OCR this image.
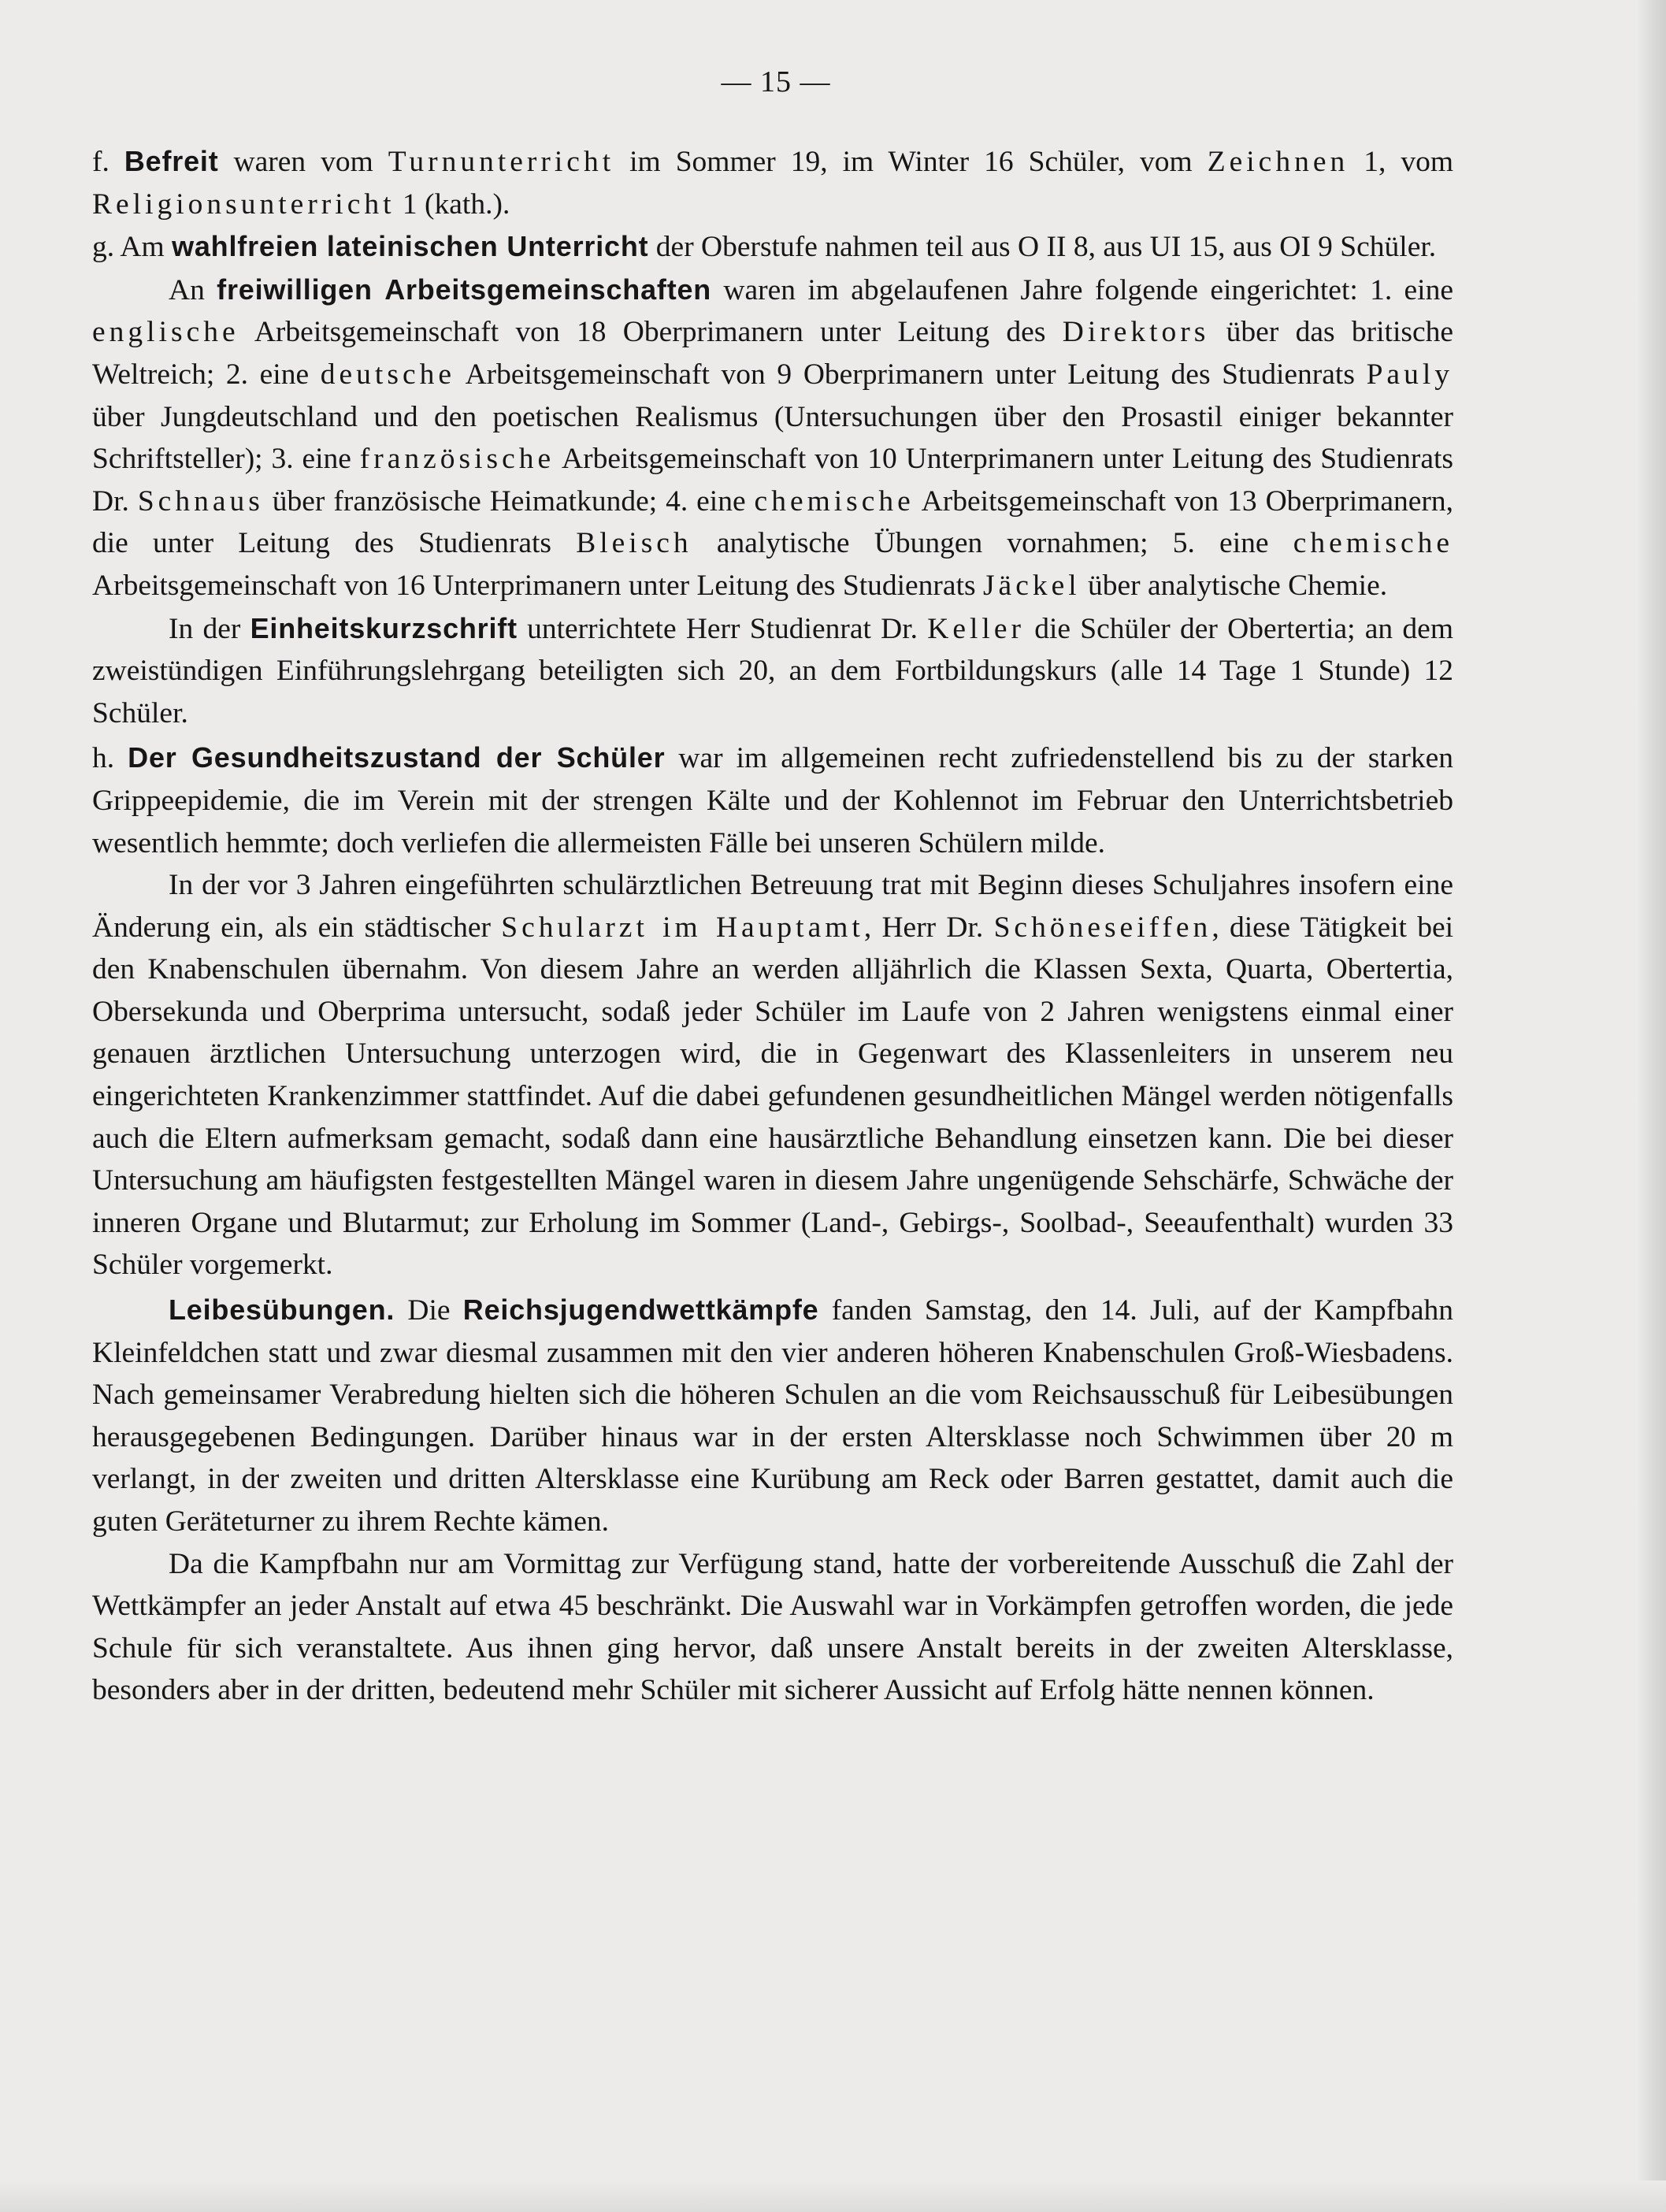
— 15 —

f. Befreit waren vom Turnunterricht im Sommer 19, im Winter 16 Schüler, vom Zeichnen 1, vom Religionsunterricht 1 (kath.).

g. Am wahlfreien lateinischen Unterricht der Oberstufe nahmen teil aus O II 8, aus UI 15, aus OI 9 Schüler.

An freiwilligen Arbeitsgemeinschaften waren im abgelaufenen Jahre folgende eingerichtet: 1. eine englische Arbeitsgemeinschaft von 18 Oberprimanern unter Leitung des Direktors über das britische Weltreich; 2. eine deutsche Arbeitsgemeinschaft von 9 Oberprimanern unter Leitung des Studienrats Pauly über Jungdeutschland und den poetischen Realismus (Untersuchungen über den Prosastil einiger bekannter Schriftsteller); 3. eine französische Arbeitsgemeinschaft von 10 Unterprimanern unter Leitung des Studienrats Dr. Schnaus über französische Heimatkunde; 4. eine chemische Arbeitsgemeinschaft von 13 Oberprimanern, die unter Leitung des Studienrats Bleisch analytische Übungen vornahmen; 5. eine chemische Arbeitsgemeinschaft von 16 Unterprimanern unter Leitung des Studienrats Jäckel über analytische Chemie.

In der Einheitskurzschrift unterrichtete Herr Studienrat Dr. Keller die Schüler der Obertertia; an dem zweistündigen Einführungslehrgang beteiligten sich 20, an dem Fortbildungskurs (alle 14 Tage 1 Stunde) 12 Schüler.

h. Der Gesundheitszustand der Schüler war im allgemeinen recht zufriedenstellend bis zu der starken Grippeepidemie, die im Verein mit der strengen Kälte und der Kohlennot im Februar den Unterrichtsbetrieb wesentlich hemmte; doch verliefen die allermeisten Fälle bei unseren Schülern milde.

In der vor 3 Jahren eingeführten schulärztlichen Betreuung trat mit Beginn dieses Schuljahres insofern eine Änderung ein, als ein städtischer Schularzt im Hauptamt, Herr Dr. Schöneseiffen, diese Tätigkeit bei den Knabenschulen übernahm. Von diesem Jahre an werden alljährlich die Klassen Sexta, Quarta, Obertertia, Obersekunda und Oberprima untersucht, sodaß jeder Schüler im Laufe von 2 Jahren wenigstens einmal einer genauen ärztlichen Untersuchung unterzogen wird, die in Gegenwart des Klassenleiters in unserem neu eingerichteten Krankenzimmer stattfindet. Auf die dabei gefundenen gesundheitlichen Mängel werden nötigenfalls auch die Eltern aufmerksam gemacht, sodaß dann eine hausärztliche Behandlung einsetzen kann. Die bei dieser Untersuchung am häufigsten festgestellten Mängel waren in diesem Jahre ungenügende Sehschärfe, Schwäche der inneren Organe und Blutarmut; zur Erholung im Sommer (Land-, Gebirgs-, Soolbad-, Seeaufenthalt) wurden 33 Schüler vorgemerkt.

Leibesübungen. Die Reichsjugendwettkämpfe fanden Samstag, den 14. Juli, auf der Kampfbahn Kleinfeldchen statt und zwar diesmal zusammen mit den vier anderen höheren Knabenschulen Groß-Wiesbadens. Nach gemeinsamer Verabredung hielten sich die höheren Schulen an die vom Reichsausschuß für Leibesübungen herausgegebenen Bedingungen. Darüber hinaus war in der ersten Altersklasse noch Schwimmen über 20 m verlangt, in der zweiten und dritten Altersklasse eine Kurübung am Reck oder Barren gestattet, damit auch die guten Geräteturner zu ihrem Rechte kämen.

Da die Kampfbahn nur am Vormittag zur Verfügung stand, hatte der vorbereitende Ausschuß die Zahl der Wettkämpfer an jeder Anstalt auf etwa 45 beschränkt. Die Auswahl war in Vorkämpfen getroffen worden, die jede Schule für sich veranstaltete. Aus ihnen ging hervor, daß unsere Anstalt bereits in der zweiten Altersklasse, besonders aber in der dritten, bedeutend mehr Schüler mit sicherer Aussicht auf Erfolg hätte nennen können.
